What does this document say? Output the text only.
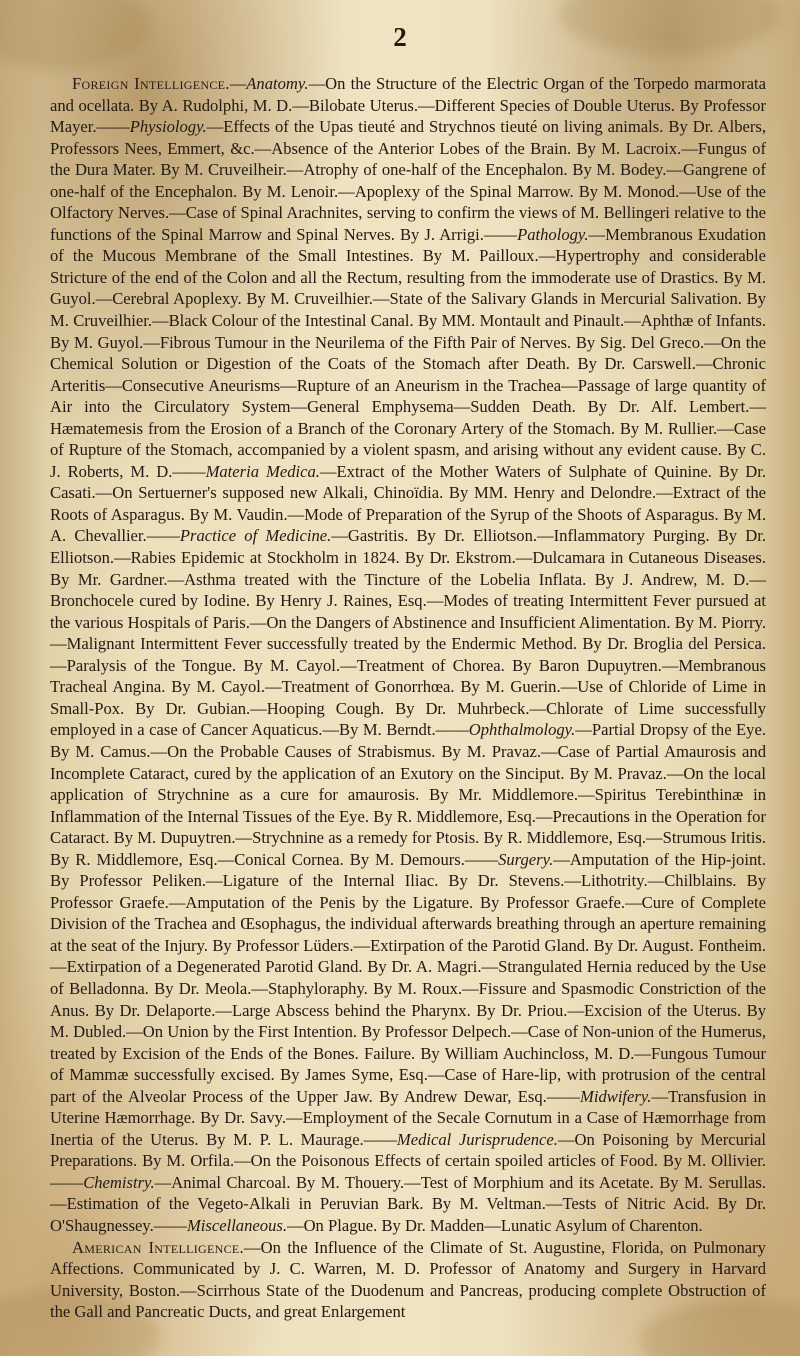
2

Foreign Intelligence.—Anatomy.—On the Structure of the Electric Organ of the Torpedo marmorata and ocellata. By A. Rudolphi, M. D.—Bilobate Uterus.—Different Species of Double Uterus. By Professor Mayer.——Physiology.—Effects of the Upas tieuté and Strychnos tieuté on living animals. By Dr. Albers, Professors Nees, Emmert, &c.—Absence of the Anterior Lobes of the Brain. By M. Lacroix.—Fungus of the Dura Mater. By M. Cruveilheir.—Atrophy of one-half of the Encephalon. By M. Bodey.—Gangrene of one-half of the Encephalon. By M. Lenoir.—Apoplexy of the Spinal Marrow. By M. Monod.—Use of the Olfactory Nerves.—Case of Spinal Arachnites, serving to confirm the views of M. Bellingeri relative to the functions of the Spinal Marrow and Spinal Nerves. By J. Arrigi.——Pathology.—Membranous Exudation of the Mucous Membrane of the Small Intestines. By M. Pailloux.—Hypertrophy and considerable Stricture of the end of the Colon and all the Rectum, resulting from the immoderate use of Drastics. By M. Guyol.—Cerebral Apoplexy. By M. Cruveilhier.—State of the Salivary Glands in Mercurial Salivation. By M. Cruveilhier.—Black Colour of the Intestinal Canal. By MM. Montault and Pinault.—Aphthæ of Infants. By M. Guyol.—Fibrous Tumour in the Neurilema of the Fifth Pair of Nerves. By Sig. Del Greco.—On the Chemical Solution or Digestion of the Coats of the Stomach after Death. By Dr. Carswell.—Chronic Arteritis—Consecutive Aneurisms—Rupture of an Aneurism in the Trachea—Passage of large quantity of Air into the Circulatory System—General Emphysema—Sudden Death. By Dr. Alf. Lembert.—Hæmatemesis from the Erosion of a Branch of the Coronary Artery of the Stomach. By M. Rullier.—Case of Rupture of the Stomach, accompanied by a violent spasm, and arising without any evident cause. By C. J. Roberts, M. D.——Materia Medica.—Extract of the Mother Waters of Sulphate of Quinine. By Dr. Casati.—On Sertuerner's supposed new Alkali, Chinoïdia. By MM. Henry and Delondre.—Extract of the Roots of Asparagus. By M. Vaudin.—Mode of Preparation of the Syrup of the Shoots of Asparagus. By M. A. Chevallier.——Practice of Medicine.—Gastritis. By Dr. Elliotson.—Inflammatory Purging. By Dr. Elliotson.—Rabies Epidemic at Stockholm in 1824. By Dr. Ekstrom.—Dulcamara in Cutaneous Diseases. By Mr. Gardner.—Asthma treated with the Tincture of the Lobelia Inflata. By J. Andrew, M. D.—Bronchocele cured by Iodine. By Henry J. Raines, Esq.—Modes of treating Intermittent Fever pursued at the various Hospitals of Paris.—On the Dangers of Abstinence and Insufficient Alimentation. By M. Piorry.—Malignant Intermittent Fever successfully treated by the Endermic Method. By Dr. Broglia del Persica.—Paralysis of the Tongue. By M. Cayol.—Treatment of Chorea. By Baron Dupuytren.—Membranous Tracheal Angina. By M. Cayol.—Treatment of Gonorrhœa. By M. Guerin.—Use of Chloride of Lime in Small-Pox. By Dr. Gubian.—Hooping Cough. By Dr. Muhrbeck.—Chlorate of Lime successfully employed in a case of Cancer Aquaticus.—By M. Berndt.——Ophthalmology.—Partial Dropsy of the Eye. By M. Camus.—On the Probable Causes of Strabismus. By M. Pravaz.—Case of Partial Amaurosis and Incomplete Cataract, cured by the application of an Exutory on the Sinciput. By M. Pravaz.—On the local application of Strychnine as a cure for amaurosis. By Mr. Middlemore.—Spiritus Terebinthinæ in Inflammation of the Internal Tissues of the Eye. By R. Middlemore, Esq.—Precautions in the Operation for Cataract. By M. Dupuytren.—Strychnine as a remedy for Ptosis. By R. Middlemore, Esq.—Strumous Iritis. By R. Middlemore, Esq.—Conical Cornea. By M. Demours.——Surgery.—Amputation of the Hip-joint. By Professor Peliken.—Ligature of the Internal Iliac. By Dr. Stevens.—Lithotrity.—Chilblains. By Professor Graefe.—Amputation of the Penis by the Ligature. By Professor Graefe.—Cure of Complete Division of the Trachea and Œsophagus, the individual afterwards breathing through an aperture remaining at the seat of the Injury. By Professor Lüders.—Extirpation of the Parotid Gland. By Dr. August. Fontheim.—Extirpation of a Degenerated Parotid Gland. By Dr. A. Magri.—Strangulated Hernia reduced by the Use of Belladonna. By Dr. Meola.—Staphyloraphy. By M. Roux.—Fissure and Spasmodic Constriction of the Anus. By Dr. Delaporte.—Large Abscess behind the Pharynx. By Dr. Priou.—Excision of the Uterus. By M. Dubled.—On Union by the First Intention. By Professor Delpech.—Case of Non-union of the Humerus, treated by Excision of the Ends of the Bones. Failure. By William Auchincloss, M. D.—Fungous Tumour of Mammæ successfully excised. By James Syme, Esq.—Case of Hare-lip, with protrusion of the central part of the Alveolar Process of the Upper Jaw. By Andrew Dewar, Esq.——Midwifery.—Transfusion in Uterine Hæmorrhage. By Dr. Savy.—Employment of the Secale Cornutum in a Case of Hæmorrhage from Inertia of the Uterus. By M. P. L. Maurage.——Medical Jurisprudence.—On Poisoning by Mercurial Preparations. By M. Orfila.—On the Poisonous Effects of certain spoiled articles of Food. By M. Ollivier.——Chemistry.—Animal Charcoal. By M. Thouery.—Test of Morphium and its Acetate. By M. Serullas.—Estimation of the Vegeto-Alkali in Peruvian Bark. By M. Veltman.—Tests of Nitric Acid. By Dr. O'Shaugnessey.——Miscellaneous.—On Plague. By Dr. Madden—Lunatic Asylum of Charenton.

American Intelligence.—On the Influence of the Climate of St. Augustine, Florida, on Pulmonary Affections. Communicated by J. C. Warren, M. D. Professor of Anatomy and Surgery in Harvard University, Boston.—Scirrhous State of the Duodenum and Pancreas, producing complete Obstruction of the Gall and Pancreatic Ducts, and great Enlargement
